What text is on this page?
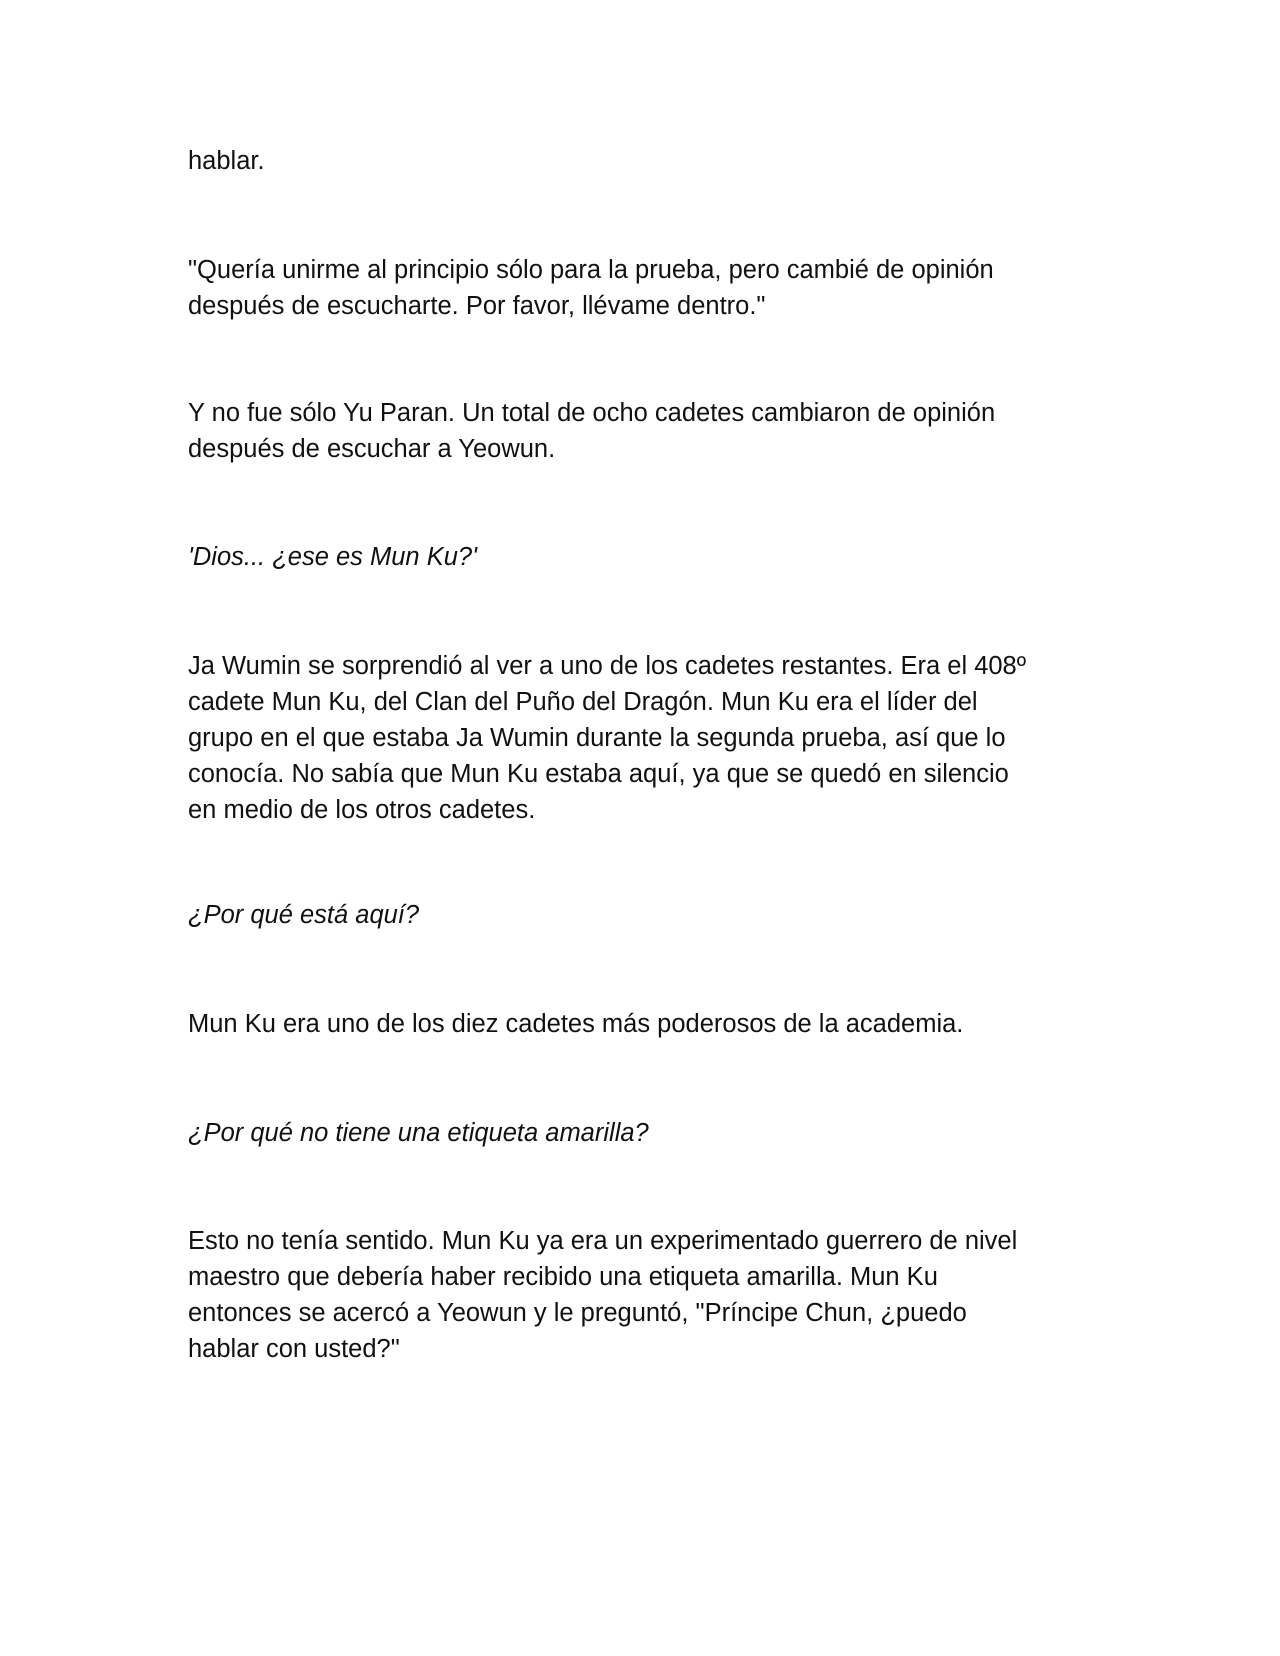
hablar.

"Quería unirme al principio sólo para la prueba, pero cambié de opinión
después de escucharte. Por favor, llévame dentro."

Y no fue sólo Yu Paran. Un total de ocho cadetes cambiaron de opinión
después de escuchar a Yeowun.

'Dios... ¿ese es Mun Ku?'

Ja Wumin se sorprendió al ver a uno de los cadetes restantes. Era el 408º
cadete Mun Ku, del Clan del Puño del Dragón. Mun Ku era el líder del
grupo en el que estaba Ja Wumin durante la segunda prueba, así que lo
conocía. No sabía que Mun Ku estaba aquí, ya que se quedó en silencio
en medio de los otros cadetes.

¿Por qué está aquí?

Mun Ku era uno de los diez cadetes más poderosos de la academia.

¿Por qué no tiene una etiqueta amarilla?

Esto no tenía sentido. Mun Ku ya era un experimentado guerrero de nivel
maestro que debería haber recibido una etiqueta amarilla. Mun Ku
entonces se acercó a Yeowun y le preguntó, "Príncipe Chun, ¿puedo
hablar con usted?"
